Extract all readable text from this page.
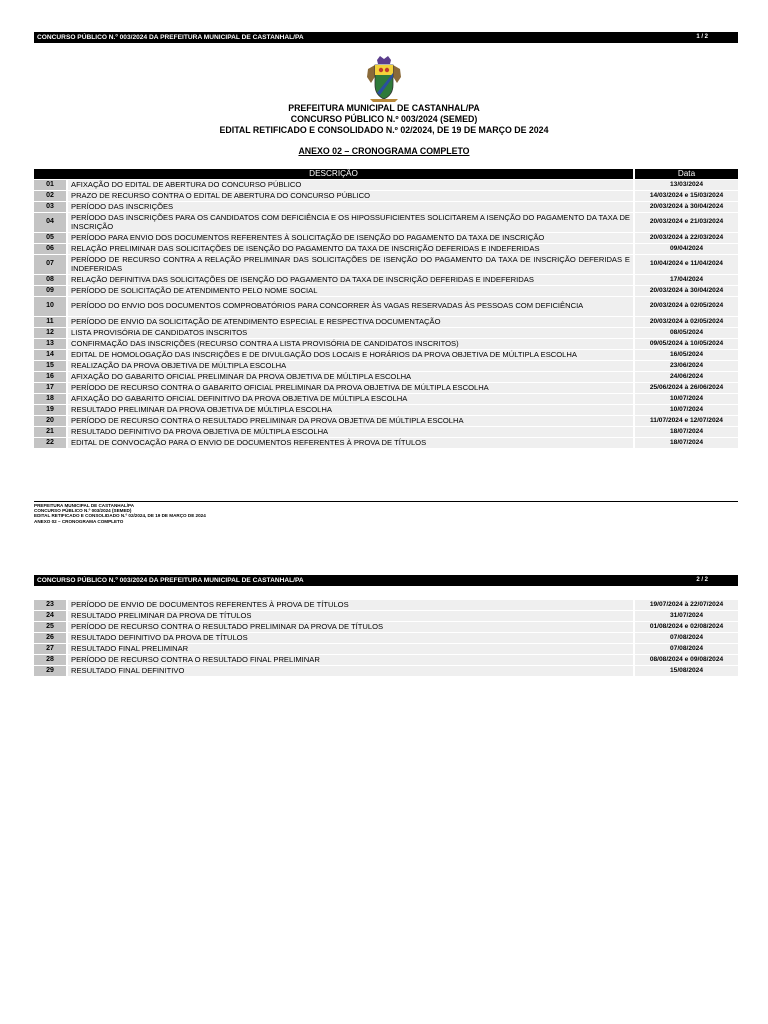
CONCURSO PÚBLICO N.º 003/2024 DA PREFEITURA MUNICIPAL DE CASTANHAL/PA	1 / 2
PREFEITURA MUNICIPAL DE CASTANHAL/PA
CONCURSO PÚBLICO N.º 003/2024 (SEMED)
EDITAL RETIFICADO E CONSOLIDADO N.º 02/2024, DE 19 DE MARÇO DE 2024
ANEXO 02 – CRONOGRAMA COMPLETO
DESCRIÇÃO		Data
01	AFIXAÇÃO DO EDITAL DE ABERTURA DO CONCURSO PÚBLICO	13/03/2024
02	PRAZO DE RECURSO CONTRA O EDITAL DE ABERTURA DO CONCURSO PÚBLICO	14/03/2024 e 15/03/2024
03	PERÍODO DAS INSCRIÇÕES	20/03/2024 à 30/04/2024
04	PERÍODO DAS INSCRIÇÕES PARA OS CANDIDATOS COM DEFICIÊNCIA E OS HIPOSSUFICIENTES SOLICITAREM A ISENÇÃO DO PAGAMENTO DA TAXA DE INSCRIÇÃO	20/03/2024 e 21/03/2024
05	PERÍODO PARA ENVIO DOS DOCUMENTOS REFERENTES À SOLICITAÇÃO DE ISENÇÃO DO PAGAMENTO DA TAXA DE INSCRIÇÃO	20/03/2024 à 22/03/2024
06	RELAÇÃO PRELIMINAR DAS SOLICITAÇÕES DE ISENÇÃO DO PAGAMENTO DA TAXA DE INSCRIÇÃO DEFERIDAS E INDEFERIDAS	09/04/2024
07	PERÍODO DE RECURSO CONTRA A RELAÇÃO PRELIMINAR DAS SOLICITAÇÕES DE ISENÇÃO DO PAGAMENTO DA TAXA DE INSCRIÇÃO DEFERIDAS E INDEFERIDAS	10/04/2024 e 11/04/2024
08	RELAÇÃO DEFINITIVA DAS SOLICITAÇÕES DE ISENÇÃO DO PAGAMENTO DA TAXA DE INSCRIÇÃO DEFERIDAS E INDEFERIDAS	17/04/2024
09	PERÍODO DE SOLICITAÇÃO DE ATENDIMENTO PELO NOME SOCIAL	20/03/2024 à 30/04/2024
10	PERÍODO DO ENVIO DOS DOCUMENTOS COMPROBATÓRIOS PARA CONCORRER ÀS VAGAS RESERVADAS ÀS PESSOAS COM DEFICIÊNCIA	20/03/2024 à 02/05/2024
11	PERÍODO DE ENVIO DA SOLICITAÇÃO DE ATENDIMENTO ESPECIAL E RESPECTIVA DOCUMENTAÇÃO	20/03/2024 à 02/05/2024
12	LISTA PROVISÓRIA DE CANDIDATOS INSCRITOS	08/05/2024
13	CONFIRMAÇÃO DAS INSCRIÇÕES (RECURSO CONTRA A LISTA PROVISÓRIA DE CANDIDATOS INSCRITOS)	09/05/2024 à 10/05/2024
14	EDITAL DE HOMOLOGAÇÃO DAS INSCRIÇÕES E DE DIVULGAÇÃO DOS LOCAIS E HORÁRIOS DA PROVA OBJETIVA DE MÚLTIPLA ESCOLHA	16/05/2024
15	REALIZAÇÃO DA PROVA OBJETIVA DE MÚLTIPLA ESCOLHA	23/06/2024
16	AFIXAÇÃO DO GABARITO OFICIAL PRELIMINAR DA PROVA OBJETIVA DE MÚLTIPLA ESCOLHA	24/06/2024
17	PERÍODO DE RECURSO CONTRA O GABARITO OFICIAL PRELIMINAR DA PROVA OBJETIVA DE MÚLTIPLA ESCOLHA	25/06/2024 à 26/06/2024
18	AFIXAÇÃO DO GABARITO OFICIAL DEFINITIVO DA PROVA OBJETIVA DE MÚLTIPLA ESCOLHA	10/07/2024
19	RESULTADO PRELIMINAR DA PROVA OBJETIVA DE MÚLTIPLA ESCOLHA	10/07/2024
20	PERÍODO DE RECURSO CONTRA O RESULTADO PRELIMINAR DA PROVA OBJETIVA DE MÚLTIPLA ESCOLHA	11/07/2024 e 12/07/2024
21	RESULTADO DEFINITIVO DA PROVA OBJETIVA DE MÚLTIPLA ESCOLHA	18/07/2024
22	EDITAL DE CONVOCAÇÃO PARA O ENVIO DE DOCUMENTOS REFERENTES À PROVA DE TÍTULOS	18/07/2024
PREFEITURA MUNICIPAL DE CASTANHAL/PA
CONCURSO PÚBLICO N.º 003/2024 (SEMED)
EDITAL RETIFICADO E CONSOLIDADO N.º 02/2024, DE 19 DE MARÇO DE 2024
ANEXO 02 – CRONOGRAMA COMPLETO
CONCURSO PÚBLICO N.º 003/2024 DA PREFEITURA MUNICIPAL DE CASTANHAL/PA	2 / 2
23	PERÍODO DE ENVIO DE DOCUMENTOS REFERENTES À PROVA DE TÍTULOS	19/07/2024 à 22/07/2024
24	RESULTADO PRELIMINAR DA PROVA DE TÍTULOS	31/07/2024
25	PERÍODO DE RECURSO CONTRA O RESULTADO PRELIMINAR DA PROVA DE TÍTULOS	01/08/2024 e 02/08/2024
26	RESULTADO DEFINITIVO DA PROVA DE TÍTULOS	07/08/2024
27	RESULTADO FINAL PRELIMINAR	07/08/2024
28	PERÍODO DE RECURSO CONTRA O RESULTADO FINAL PRELIMINAR	08/08/2024 e 09/08/2024
29	RESULTADO FINAL DEFINITIVO	15/08/2024
